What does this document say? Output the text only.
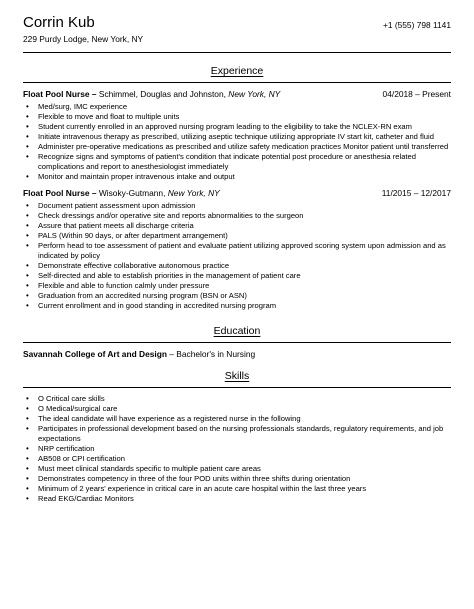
Corrin Kub
229 Purdy Lodge, New York, NY
+1 (555) 798 1141
Experience
Float Pool Nurse – Schimmel, Douglas and Johnston, New York, NY	04/2018 – Present
• Med/surg, IMC experience
• Flexible to move and float to multiple units
• Student currently enrolled in an approved nursing program leading to the eligibility to take the NCLEX-RN exam
• Initiate intravenous therapy as prescribed, utilizing aseptic technique utilizing appropriate IV start kit, catheter and fluid
• Administer pre-operative medications as prescribed and utilize safety medication practices Monitor patient until transferred
• Recognize signs and symptoms of patient's condition that indicate potential post procedure or anesthesia related complications and report to anesthesiologist immediately
• Monitor and maintain proper intravenous intake and output
Float Pool Nurse – Wisoky-Gutmann, New York, NY	11/2015 – 12/2017
• Document patient assessment upon admission
• Check dressings and/or operative site and reports abnormalities to the surgeon
• Assure that patient meets all discharge criteria
• PALS (Within 90 days, or after department arrangement)
• Perform head to toe assessment of patient and evaluate patient utilizing approved scoring system upon admission and as indicated by policy
• Demonstrate effective collaborative autonomous practice
• Self-directed and able to establish priorities in the management of patient care
• Flexible and able to function calmly under pressure
• Graduation from an accredited nursing program (BSN or ASN)
• Current enrollment and in good standing in accredited nursing program
Education
Savannah College of Art and Design – Bachelor's in Nursing
Skills
• O Critical care skills
• O Medical/surgical care
• The ideal candidate will have experience as a registered nurse in the following
• Participates in professional development based on the nursing professionals standards, regulatory requirements, and job expectations
• NRP certification
• AB508 or CPI certification
• Must meet clinical standards specific to multiple patient care areas
• Demonstrates competency in three of the four POD units within three shifts during orientation
• Minimum of 2 years' experience in critical care in an acute care hospital within the last three years
• Read EKG/Cardiac Monitors
